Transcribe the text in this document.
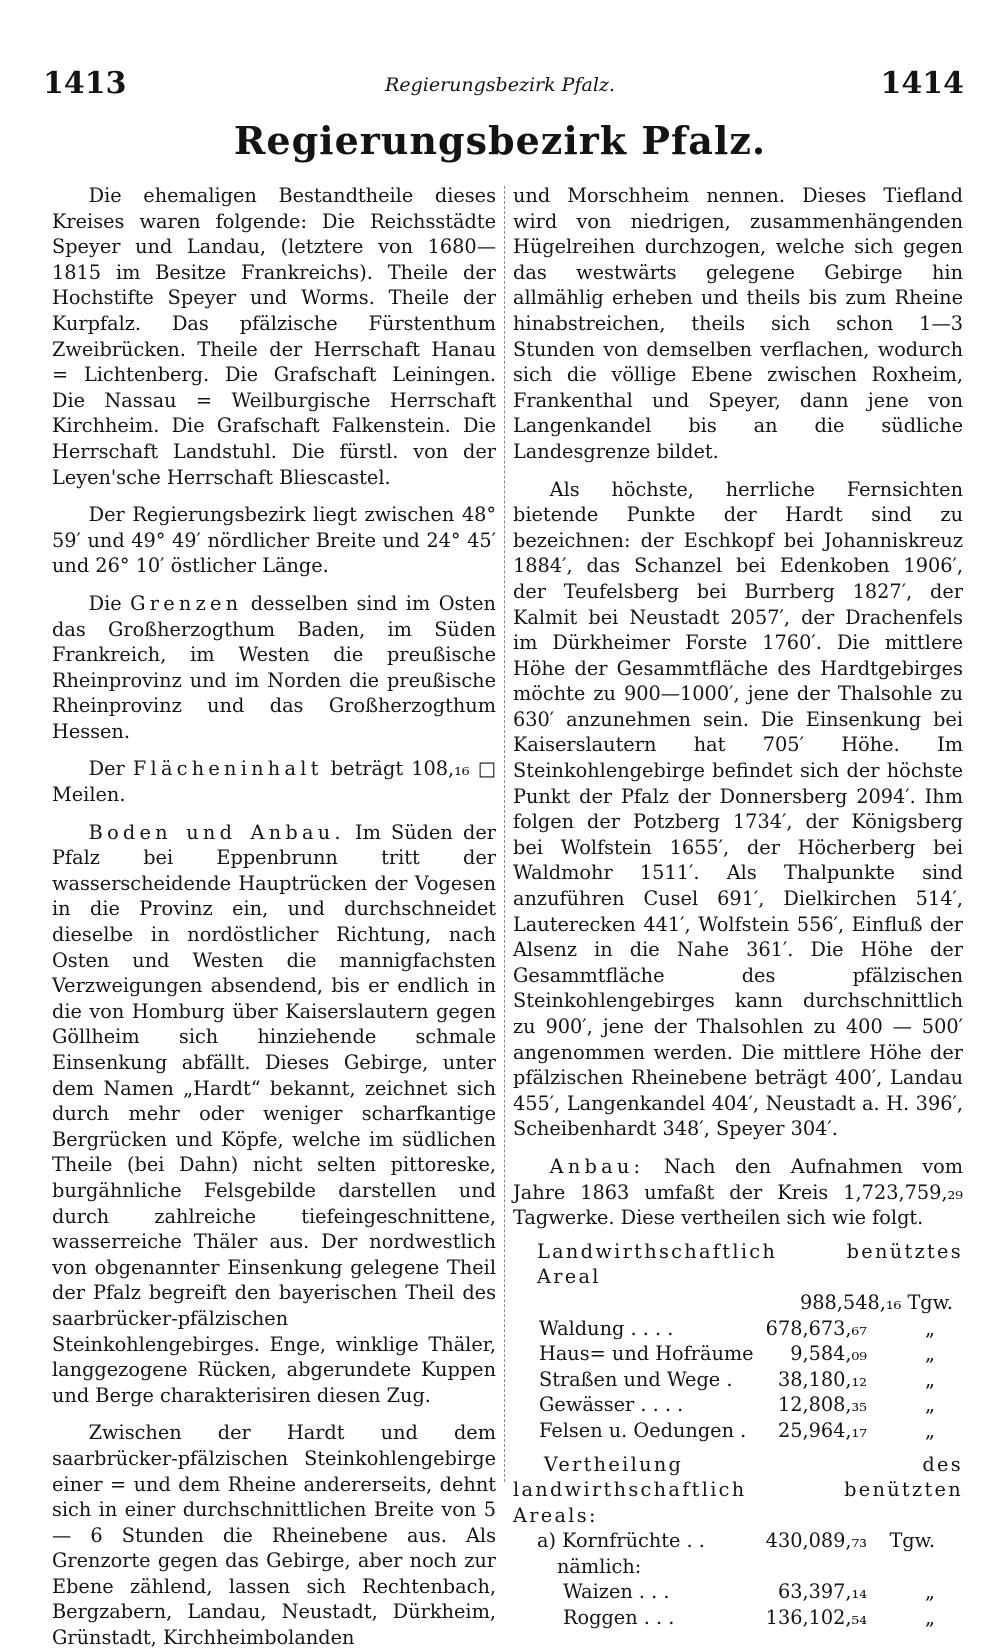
1413	Regierungsbezirk Pfalz.	1414
Regierungsbezirk Pfalz.

Die ehemaligen Bestandtheile dieses Kreises waren folgende: Die Reichsstädte Speyer und Landau, (letztere von 1680—1815 im Besitze Frankreichs). Theile der Hochstifte Speyer und Worms. Theile der Kurpfalz. Das pfälzische Fürstenthum Zweibrücken. Theile der Herrschaft Hanau = Lichtenberg. Die Grafschaft Leiningen. Die Nassau = Weilburgische Herrschaft Kirchheim. Die Grafschaft Falkenstein. Die Herrschaft Landstuhl. Die fürstl. von der Leyen'sche Herrschaft Bliescastel.

Der Regierungsbezirk liegt zwischen 48° 59′ und 49° 49′ nördlicher Breite und 24° 45′ und 26° 10′ östlicher Länge.

Die Grenzen desselben sind im Osten das Großherzogthum Baden, im Süden Frankreich, im Westen die preußische Rheinprovinz und im Norden die preußische Rheinprovinz und das Großherzogthum Hessen.

Der Flächeninhalt beträgt 108,₁₆ □ Meilen.

Boden und Anbau. Im Süden der Pfalz bei Eppenbrunn tritt der wasserscheidende Hauptrücken der Vogesen in die Provinz ein, und durchschneidet dieselbe in nordöstlicher Richtung, nach Osten und Westen die mannigfachsten Verzweigungen absendend, bis er endlich in die von Homburg über Kaiserslautern gegen Göllheim sich hinziehende schmale Einsenkung abfällt. Dieses Gebirge, unter dem Namen „Hardt“ bekannt, zeichnet sich durch mehr oder weniger scharfkantige Bergrücken und Köpfe, welche im südlichen Theile (bei Dahn) nicht selten pittoreske, burgähnliche Felsgebilde darstellen und durch zahlreiche tiefeingeschnittene, wasserreiche Thäler aus. Der nordwestlich von obgenannter Einsenkung gelegene Theil der Pfalz begreift den bayerischen Theil des saarbrücker-pfälzischen Steinkohlengebirges. Enge, winklige Thäler, langgezogene Rücken, abgerundete Kuppen und Berge charakterisiren diesen Zug.

Zwischen der Hardt und dem saarbrücker-pfälzischen Steinkohlengebirge einer = und dem Rheine andererseits, dehnt sich in einer durchschnittlichen Breite von 5 — 6 Stunden die Rheinebene aus. Als Grenzorte gegen das Gebirge, aber noch zur Ebene zählend, lassen sich Rechtenbach, Bergzabern, Landau, Neustadt, Dürkheim, Grünstadt, Kirchheimbolanden

und Morschheim nennen. Dieses Tiefland wird von niedrigen, zusammenhängenden Hügelreihen durchzogen, welche sich gegen das westwärts gelegene Gebirge hin allmählig erheben und theils bis zum Rheine hinabstreichen, theils sich schon 1—3 Stunden von demselben verflachen, wodurch sich die völlige Ebene zwischen Roxheim, Frankenthal und Speyer, dann jene von Langenkandel bis an die südliche Landesgrenze bildet.

Als höchste, herrliche Fernsichten bietende Punkte der Hardt sind zu bezeichnen: der Eschkopf bei Johanniskreuz 1884′, das Schanzel bei Edenkoben 1906′, der Teufelsberg bei Burrberg 1827′, der Kalmit bei Neustadt 2057′, der Drachenfels im Dürkheimer Forste 1760′. Die mittlere Höhe der Gesammtfläche des Hardtgebirges möchte zu 900—1000′, jene der Thalsohle zu 630′ anzunehmen sein. Die Einsenkung bei Kaiserslautern hat 705′ Höhe. Im Steinkohlengebirge befindet sich der höchste Punkt der Pfalz der Donnersberg 2094′. Ihm folgen der Potzberg 1734′, der Königsberg bei Wolfstein 1655′, der Höcherberg bei Waldmohr 1511′. Als Thalpunkte sind anzuführen Cusel 691′, Dielkirchen 514′, Lauterecken 441′, Wolfstein 556′, Einfluß der Alsenz in die Nahe 361′. Die Höhe der Gesammtfläche des pfälzischen Steinkohlengebirges kann durchschnittlich zu 900′, jene der Thalsohlen zu 400 — 500′ angenommen werden. Die mittlere Höhe der pfälzischen Rheinebene beträgt 400′, Landau 455′, Langenkandel 404′, Neustadt a. H. 396′, Scheibenhardt 348′, Speyer 304′.

Anbau: Nach den Aufnahmen vom Jahre 1863 umfaßt der Kreis 1,723,759,₂₉ Tagwerke. Diese vertheilen sich wie folgt.

Landwirthschaftlich benütztes Areal
988,548,₁₆ Tgw.
Waldung . . . .	678,673,₆₇	„
Haus= und Hofräume	9,584,₀₉	„
Straßen und Wege .	38,180,₁₂	„
Gewässer . . . .	12,808,₃₅	„
Felsen u. Oedungen .	25,964,₁₇	„
Vertheilung des landwirthschaftlich benützten Areals:
a) Kornfrüchte . .	430,089,₇₃	Tgw.
nämlich:		
Waizen . . .	63,397,₁₄	„
Roggen . . .	136,102,₅₄	„
